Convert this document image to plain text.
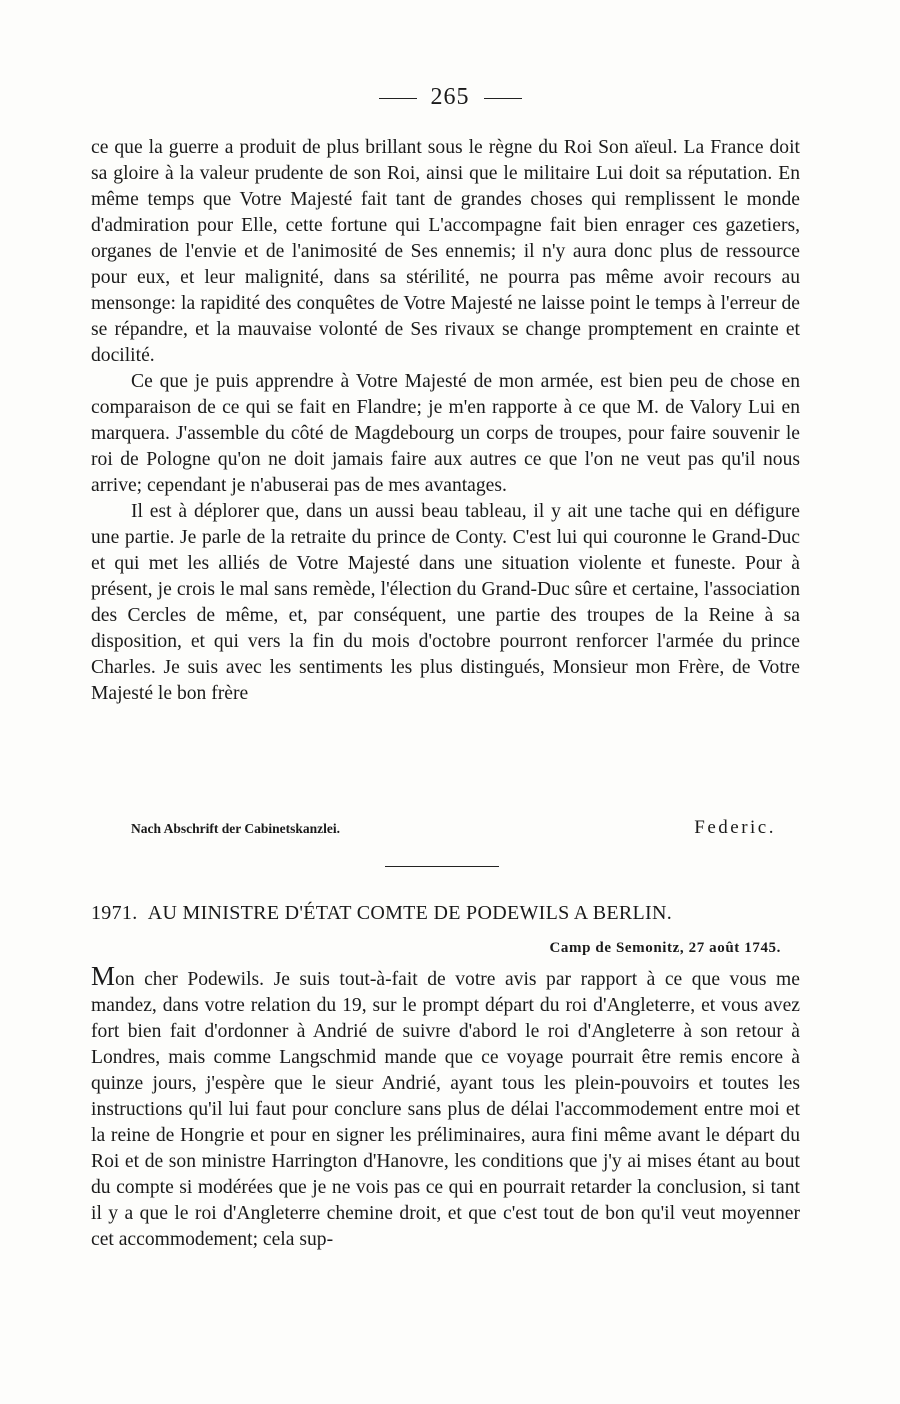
265

ce que la guerre a produit de plus brillant sous le règne du Roi Son aïeul. La France doit sa gloire à la valeur prudente de son Roi, ainsi que le militaire Lui doit sa réputation. En même temps que Votre Majesté fait tant de grandes choses qui remplissent le monde d'admiration pour Elle, cette fortune qui L'accompagne fait bien enrager ces gazetiers, organes de l'envie et de l'animosité de Ses ennemis; il n'y aura donc plus de ressource pour eux, et leur malignité, dans sa stérilité, ne pourra pas même avoir recours au mensonge: la rapidité des conquêtes de Votre Majesté ne laisse point le temps à l'erreur de se répandre, et la mauvaise volonté de Ses rivaux se change promptement en crainte et docilité.

Ce que je puis apprendre à Votre Majesté de mon armée, est bien peu de chose en comparaison de ce qui se fait en Flandre; je m'en rapporte à ce que M. de Valory Lui en marquera. J'assemble du côté de Magdebourg un corps de troupes, pour faire souvenir le roi de Pologne qu'on ne doit jamais faire aux autres ce que l'on ne veut pas qu'il nous arrive; cependant je n'abuserai pas de mes avantages.

Il est à déplorer que, dans un aussi beau tableau, il y ait une tache qui en défigure une partie. Je parle de la retraite du prince de Conty. C'est lui qui couronne le Grand-Duc et qui met les alliés de Votre Majesté dans une situation violente et funeste. Pour à présent, je crois le mal sans remède, l'élection du Grand-Duc sûre et certaine, l'association des Cercles de même, et, par conséquent, une partie des troupes de la Reine à sa disposition, et qui vers la fin du mois d'octobre pourront renforcer l'armée du prince Charles. Je suis avec les sentiments les plus distingués, Monsieur mon Frère, de Votre Majesté le bon frère

Nach Abschrift der Cabinetskanzlei.	Federic.
1971. AU MINISTRE D'ÉTAT COMTE DE PODEWILS A BERLIN.
Camp de Semonitz, 27 août 1745.

Mon cher Podewils. Je suis tout-à-fait de votre avis par rapport à ce que vous me mandez, dans votre relation du 19, sur le prompt départ du roi d'Angleterre, et vous avez fort bien fait d'ordonner à Andrié de suivre d'abord le roi d'Angleterre à son retour à Londres, mais comme Langschmid mande que ce voyage pourrait être remis encore à quinze jours, j'espère que le sieur Andrié, ayant tous les plein-pouvoirs et toutes les instructions qu'il lui faut pour conclure sans plus de délai l'accommodement entre moi et la reine de Hongrie et pour en signer les préliminaires, aura fini même avant le départ du Roi et de son ministre Harrington d'Hanovre, les conditions que j'y ai mises étant au bout du compte si modérées que je ne vois pas ce qui en pourrait retarder la conclusion, si tant il y a que le roi d'Angleterre chemine droit, et que c'est tout de bon qu'il veut moyenner cet accommodement; cela sup-
